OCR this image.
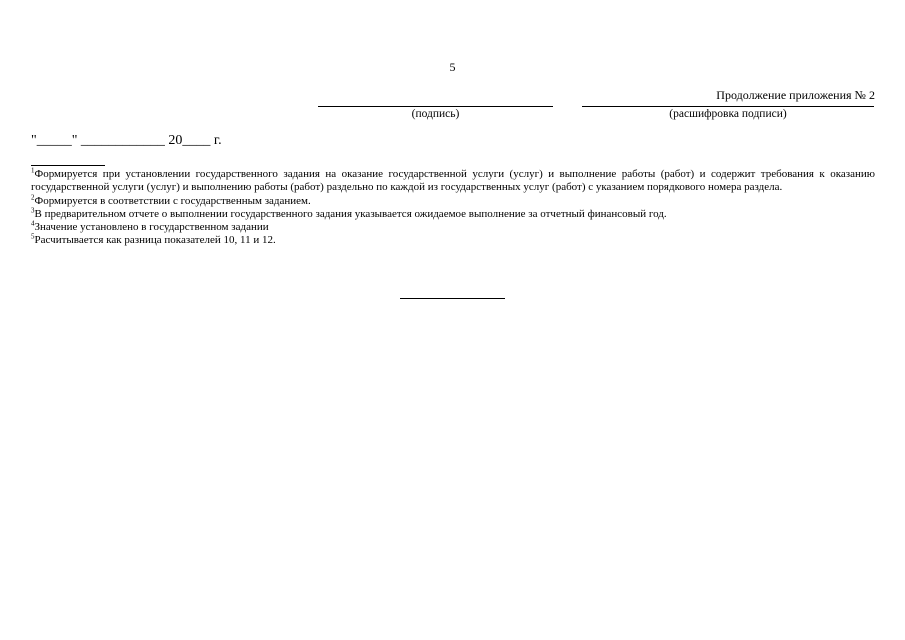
5
Продолжение приложения № 2
(подпись)	(расшифровка подписи)
"_____" ____________ 20____ г.

$^1$Формируется при установлении государственного задания на оказание государственной услуги (услуг) и выполнение работы (работ) и содержит требования к оказанию государственной услуги (услуг) и выполнению работы (работ) раздельно по каждой из государственных услуг (работ) с указанием порядкового номера раздела.

$^2$Формируется в соответствии с государственным заданием.

$^3$В предварительном отчете о выполнении государственного задания указывается ожидаемое выполнение за отчетный финансовый год.

$^4$Значение установлено в государственном задании

$^5$Расчитывается как разница показателей 10, 11 и 12.
